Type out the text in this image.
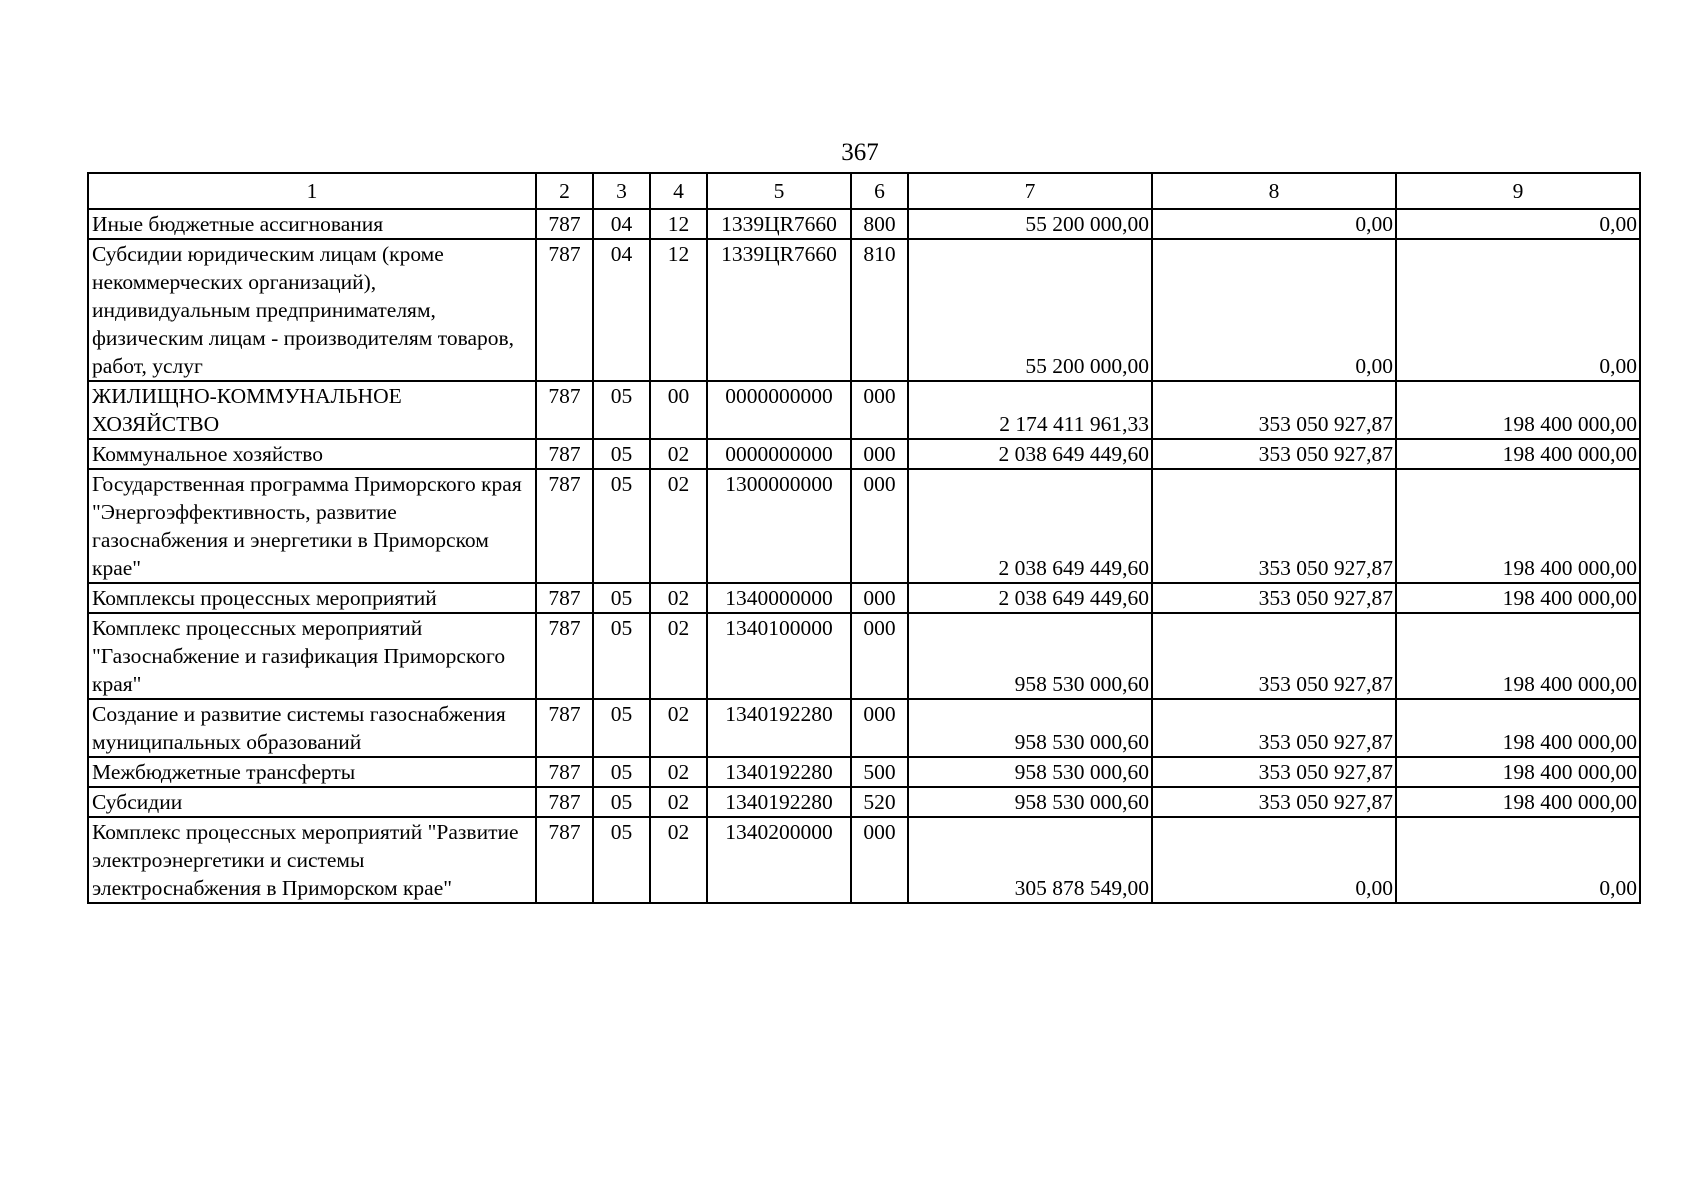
367
1	2	3	4	5	6	7	8	9
Иные бюджетные ассигнования	787	04	12	1339ЦR7660	800	55 200 000,00	0,00	0,00
Субсидии юридическим лицам (кроме некоммерческих организаций), индивидуальным предпринимателям, физическим лицам - производителям товаров, работ, услуг	787	04	12	1339ЦR7660	810	55 200 000,00	0,00	0,00
ЖИЛИЩНО-КОММУНАЛЬНОЕ ХОЗЯЙСТВО	787	05	00	0000000000	000	2 174 411 961,33	353 050 927,87	198 400 000,00
Коммунальное хозяйство	787	05	02	0000000000	000	2 038 649 449,60	353 050 927,87	198 400 000,00
Государственная программа Приморского края "Энергоэффективность, развитие газоснабжения и энергетики в Приморском крае"	787	05	02	1300000000	000	2 038 649 449,60	353 050 927,87	198 400 000,00
Комплексы процессных мероприятий	787	05	02	1340000000	000	2 038 649 449,60	353 050 927,87	198 400 000,00
Комплекс процессных мероприятий "Газоснабжение и газификация Приморского края"	787	05	02	1340100000	000	958 530 000,60	353 050 927,87	198 400 000,00
Создание и развитие системы газоснабжения муниципальных образований	787	05	02	1340192280	000	958 530 000,60	353 050 927,87	198 400 000,00
Межбюджетные трансферты	787	05	02	1340192280	500	958 530 000,60	353 050 927,87	198 400 000,00
Субсидии	787	05	02	1340192280	520	958 530 000,60	353 050 927,87	198 400 000,00
Комплекс процессных мероприятий "Развитие электроэнергетики и системы электроснабжения в Приморском крае"	787	05	02	1340200000	000	305 878 549,00	0,00	0,00
